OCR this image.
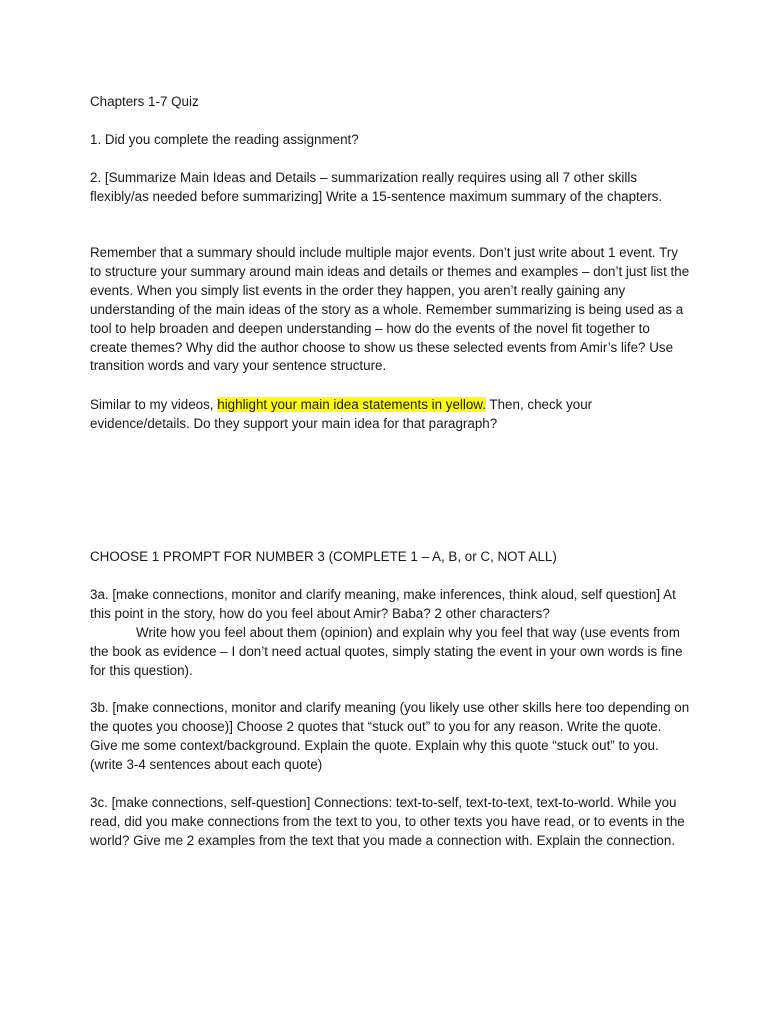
Chapters 1-7 Quiz

1. Did you complete the reading assignment?

2. [Summarize Main Ideas and Details – summarization really requires using all 7 other skills flexibly/as needed before summarizing] Write a 15-sentence maximum summary of the chapters.

Remember that a summary should include multiple major events. Don’t just write about 1 event. Try to structure your summary around main ideas and details or themes and examples – don’t just list the events. When you simply list events in the order they happen, you aren’t really gaining any understanding of the main ideas of the story as a whole. Remember summarizing is being used as a tool to help broaden and deepen understanding – how do the events of the novel fit together to create themes? Why did the author choose to show us these selected events from Amir’s life? Use transition words and vary your sentence structure.

Similar to my videos, highlight your main idea statements in yellow. Then, check your evidence/details. Do they support your main idea for that paragraph?

CHOOSE 1 PROMPT FOR NUMBER 3 (COMPLETE 1 – A, B, or C, NOT ALL)

3a. [make connections, monitor and clarify meaning, make inferences, think aloud, self question] At this point in the story, how do you feel about Amir? Baba? 2 other characters?
Write how you feel about them (opinion) and explain why you feel that way (use events from the book as evidence – I don’t need actual quotes, simply stating the event in your own words is fine for this question).

3b. [make connections, monitor and clarify meaning (you likely use other skills here too depending on the quotes you choose)] Choose 2 quotes that “stuck out” to you for any reason. Write the quote. Give me some context/background. Explain the quote. Explain why this quote “stuck out” to you. (write 3-4 sentences about each quote)

3c. [make connections, self-question] Connections: text-to-self, text-to-text, text-to-world. While you read, did you make connections from the text to you, to other texts you have read, or to events in the world? Give me 2 examples from the text that you made a connection with. Explain the connection.
